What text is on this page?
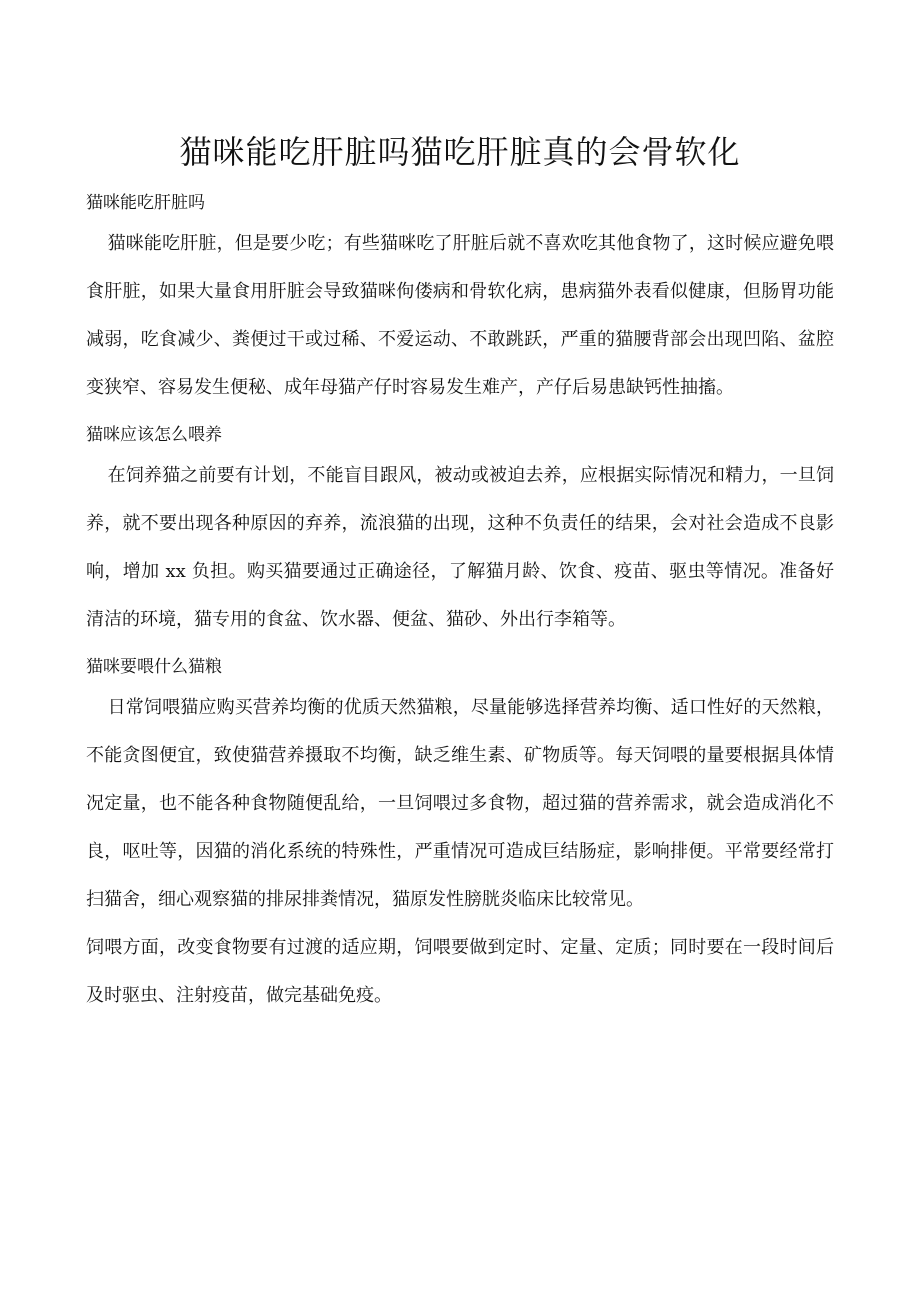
猫咪能吃肝脏吗猫吃肝脏真的会骨软化

猫咪能吃肝脏吗

猫咪能吃肝脏，但是要少吃；有些猫咪吃了肝脏后就不喜欢吃其他食物了，这时候应避免喂食肝脏，如果大量食用肝脏会导致猫咪佝偻病和骨软化病，患病猫外表看似健康，但肠胃功能减弱，吃食减少、粪便过干或过稀、不爱运动、不敢跳跃，严重的猫腰背部会出现凹陷、盆腔变狭窄、容易发生便秘、成年母猫产仔时容易发生难产，产仔后易患缺钙性抽搐。

猫咪应该怎么喂养

在饲养猫之前要有计划，不能盲目跟风，被动或被迫去养，应根据实际情况和精力，一旦饲养，就不要出现各种原因的弃养，流浪猫的出现，这种不负责任的结果，会对社会造成不良影响，增加 xx 负担。购买猫要通过正确途径，了解猫月龄、饮食、疫苗、驱虫等情况。准备好清洁的环境，猫专用的食盆、饮水器、便盆、猫砂、外出行李箱等。

猫咪要喂什么猫粮

日常饲喂猫应购买营养均衡的优质天然猫粮，尽量能够选择营养均衡、适口性好的天然粮，不能贪图便宜，致使猫营养摄取不均衡，缺乏维生素、矿物质等。每天饲喂的量要根据具体情况定量，也不能各种食物随便乱给，一旦饲喂过多食物，超过猫的营养需求，就会造成消化不良，呕吐等，因猫的消化系统的特殊性，严重情况可造成巨结肠症，影响排便。平常要经常打扫猫舍，细心观察猫的排尿排粪情况，猫原发性膀胱炎临床比较常见。

饲喂方面，改变食物要有过渡的适应期，饲喂要做到定时、定量、定质；同时要在一段时间后及时驱虫、注射疫苗，做完基础免疫。
